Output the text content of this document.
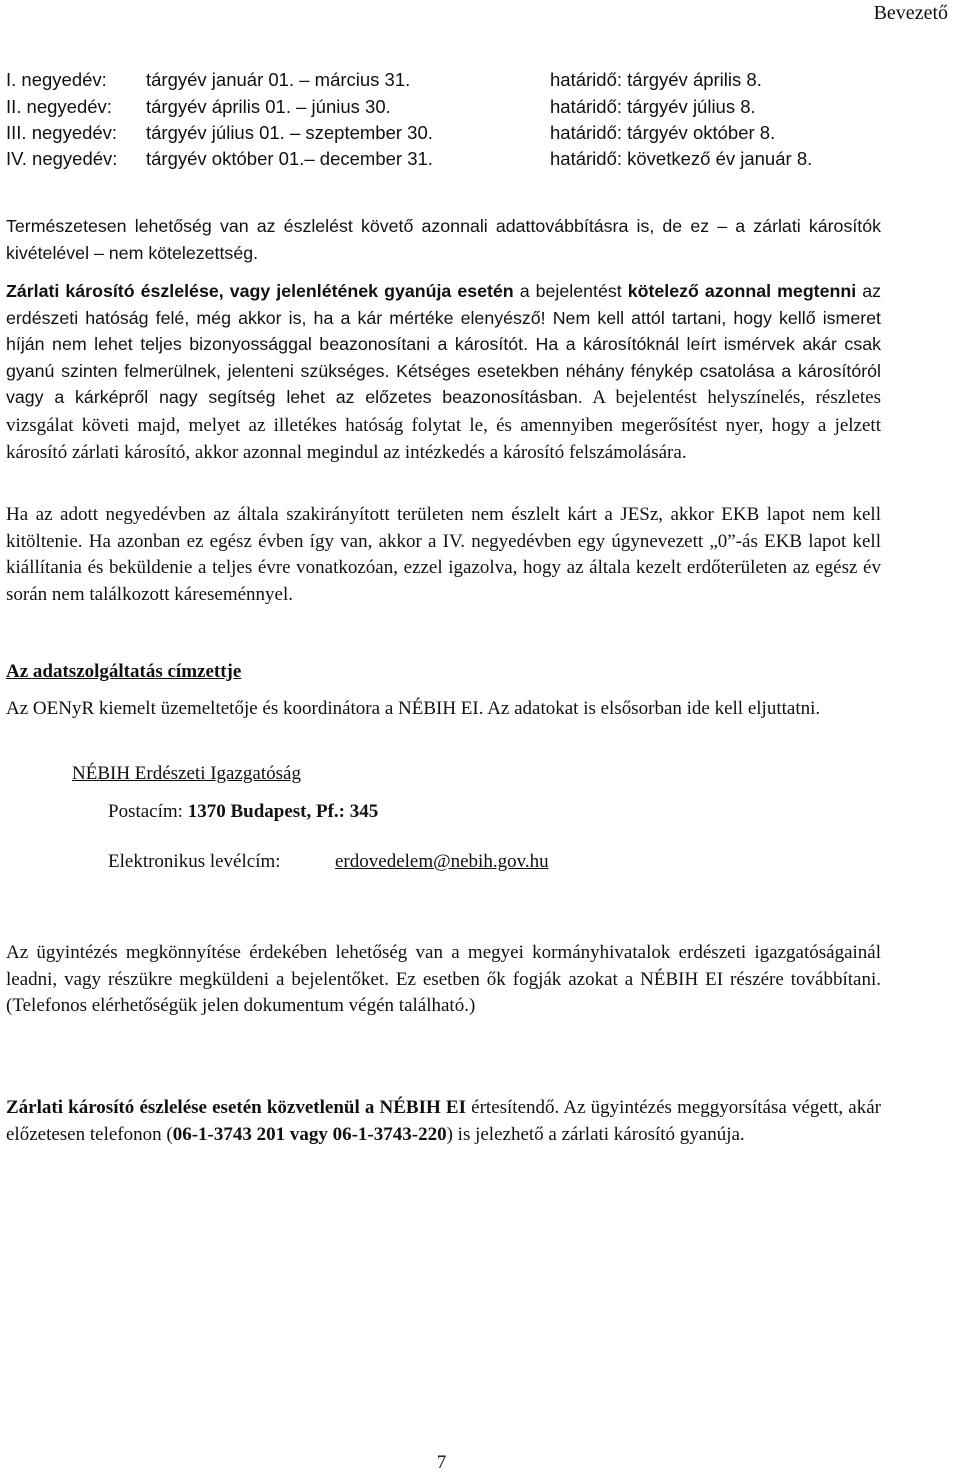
Bevezető
I. negyedév: tárgyév január 01. – március 31.	határidő: tárgyév április 8.
II. negyedév: tárgyév április 01. – június 30.	határidő: tárgyév július 8.
III. negyedév: tárgyév július 01. – szeptember 30.	határidő: tárgyév október 8.
IV. negyedév: tárgyév október 01.– december 31.	határidő: következő év január 8.

Természetesen lehetőség van az észlelést követő azonnali adattovábbításra is, de ez – a zárlati károsítók kivételével – nem kötelezettség.

Zárlati károsító észlelése, vagy jelenlétének gyanúja esetén a bejelentést kötelező azonnal megtenni az erdészeti hatóság felé, még akkor is, ha a kár mértéke elenyésző! Nem kell attól tartani, hogy kellő ismeret híján nem lehet teljes bizonyossággal beazonosítani a károsítót. Ha a károsítóknál leírt ismérvek akár csak gyanú szinten felmerülnek, jelenteni szükséges. Kétséges esetekben néhány fénykép csatolása a károsítóról vagy a kárképről nagy segítség lehet az előzetes beazonosításban. A bejelentést helyszínelés, részletes vizsgálat követi majd, melyet az illetékes hatóság folytat le, és amennyiben megerősítést nyer, hogy a jelzett károsító zárlati károsító, akkor azonnal megindul az intézkedés a károsító felszámolására.

Ha az adott negyedévben az általa szakirányított területen nem észlelt kárt a JESz, akkor EKB lapot nem kell kitöltenie. Ha azonban ez egész évben így van, akkor a IV. negyedévben egy úgynevezett „0”-ás EKB lapot kell kiállítania és beküldenie a teljes évre vonatkozóan, ezzel igazolva, hogy az általa kezelt erdőterületen az egész év során nem találkozott káreseménnyel.

Az adatszolgáltatás címzettje

Az OENyR kiemelt üzemeltetője és koordinátora a NÉBIH EI. Az adatokat is elsősorban ide kell eljuttatni.

NÉBIH Erdészeti Igazgatóság
Postacím: 1370 Budapest, Pf.: 345
Elektronikus levélcím:	erdovedelem@nebih.gov.hu

Az ügyintézés megkönnyítése érdekében lehetőség van a megyei kormányhivatalok erdészeti igazgatóságainál leadni, vagy részükre megküldeni a bejelentőket. Ez esetben ők fogják azokat a NÉBIH EI részére továbbítani. (Telefonos elérhetőségük jelen dokumentum végén található.)

Zárlati károsító észlelése esetén közvetlenül a NÉBIH EI értesítendő. Az ügyintézés meggyorsítása végett, akár előzetesen telefonon (06-1-3743 201 vagy 06-1-3743-220) is jelezhető a zárlati károsító gyanúja.

7
